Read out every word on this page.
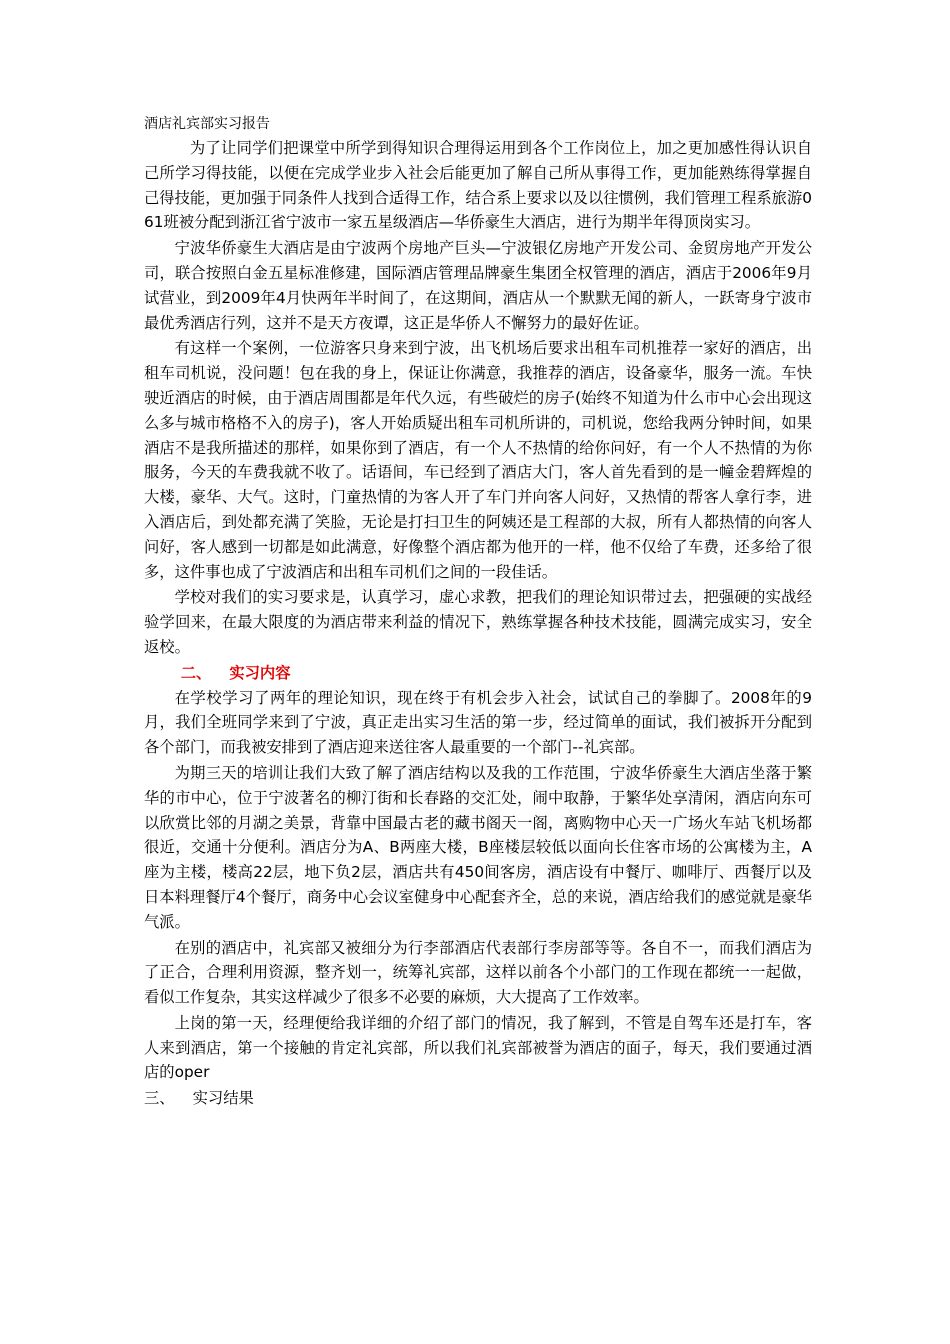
酒店礼宾部实习报告

为了让同学们把课堂中所学到得知识合理得运用到各个工作岗位上，加之更加感性得认识自己所学习得技能，以便在完成学业步入社会后能更加了解自己所从事得工作，更加能熟练得掌握自己得技能，更加强于同条件人找到合适得工作，结合系上要求以及以往惯例，我们管理工程系旅游061班被分配到浙江省宁波市一家五星级酒店—华侨豪生大酒店，进行为期半年得顶岗实习。

宁波华侨豪生大酒店是由宁波两个房地产巨头—宁波银亿房地产开发公司、金贸房地产开发公司，联合按照白金五星标准修建，国际酒店管理品牌豪生集团全权管理的酒店，酒店于2006年9月试营业，到2009年4月快两年半时间了，在这期间，酒店从一个默默无闻的新人，一跃寄身宁波市最优秀酒店行列，这并不是天方夜谭，这正是华侨人不懈努力的最好佐证。

有这样一个案例，一位游客只身来到宁波，出飞机场后要求出租车司机推荐一家好的酒店，出租车司机说，没问题！包在我的身上，保证让你满意，我推荐的酒店，设备豪华，服务一流。车快驶近酒店的时候，由于酒店周围都是年代久远，有些破烂的房子(始终不知道为什么市中心会出现这么多与城市格格不入的房子)，客人开始质疑出租车司机所讲的，司机说，您给我两分钟时间，如果酒店不是我所描述的那样，如果你到了酒店，有一个人不热情的给你问好，有一个人不热情的为你服务，今天的车费我就不收了。话语间，车已经到了酒店大门，客人首先看到的是一幢金碧辉煌的大楼，豪华、大气。这时，门童热情的为客人开了车门并向客人问好，又热情的帮客人拿行李，进入酒店后，到处都充满了笑脸，无论是打扫卫生的阿姨还是工程部的大叔，所有人都热情的向客人问好，客人感到一切都是如此满意，好像整个酒店都为他开的一样，他不仅给了车费，还多给了很多，这件事也成了宁波酒店和出租车司机们之间的一段佳话。

学校对我们的实习要求是，认真学习，虚心求教，把我们的理论知识带过去，把强硬的实战经验学回来，在最大限度的为酒店带来利益的情况下，熟练掌握各种技术技能，圆满完成实习，安全返校。

二、 实习内容

在学校学习了两年的理论知识，现在终于有机会步入社会，试试自己的拳脚了。2008年的9月，我们全班同学来到了宁波，真正走出实习生活的第一步，经过简单的面试，我们被拆开分配到各个部门，而我被安排到了酒店迎来送往客人最重要的一个部门--礼宾部。

为期三天的培训让我们大致了解了酒店结构以及我的工作范围，宁波华侨豪生大酒店坐落于繁华的市中心，位于宁波著名的柳汀街和长春路的交汇处，闹中取静，于繁华处享清闲，酒店向东可以欣赏比邻的月湖之美景，背靠中国最古老的藏书阁天一阁，离购物中心天一广场火车站飞机场都很近，交通十分便利。酒店分为A、B两座大楼，B座楼层较低以面向长住客市场的公寓楼为主，A座为主楼，楼高22层，地下负2层，酒店共有450间客房，酒店设有中餐厅、咖啡厅、西餐厅以及日本料理餐厅4个餐厅，商务中心会议室健身中心配套齐全，总的来说，酒店给我们的感觉就是豪华气派。

在别的酒店中，礼宾部又被细分为行李部酒店代表部行李房部等等。各自不一，而我们酒店为了正合，合理利用资源，整齐划一，统筹礼宾部，这样以前各个小部门的工作现在都统一一起做，看似工作复杂，其实这样减少了很多不必要的麻烦，大大提高了工作效率。

上岗的第一天，经理便给我详细的介绍了部门的情况，我了解到，不管是自驾车还是打车，客人来到酒店，第一个接触的肯定礼宾部，所以我们礼宾部被誉为酒店的面子，每天，我们要通过酒店的oper

三、 实习结果
